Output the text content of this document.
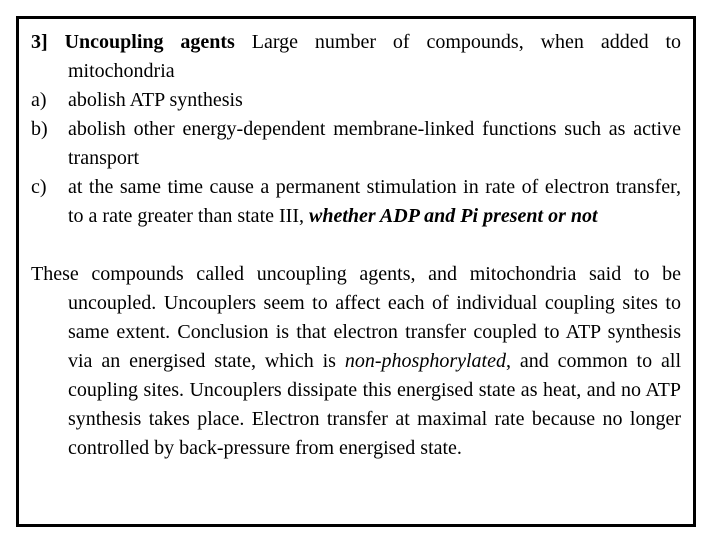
3] Uncoupling agents Large number of compounds, when added to mitochondria

a) abolish ATP synthesis
b) abolish other energy-dependent membrane-linked functions such as active transport
c) at the same time cause a permanent stimulation in rate of electron transfer, to a rate greater than state III, whether ADP and Pi present or not

These compounds called uncoupling agents, and mitochondria said to be uncoupled. Uncouplers seem to affect each of individual coupling sites to same extent. Conclusion is that electron transfer coupled to ATP synthesis via an energised state, which is non-phosphorylated, and common to all coupling sites. Uncouplers dissipate this energised state as heat, and no ATP synthesis takes place. Electron transfer at maximal rate because no longer controlled by back-pressure from energised state.
